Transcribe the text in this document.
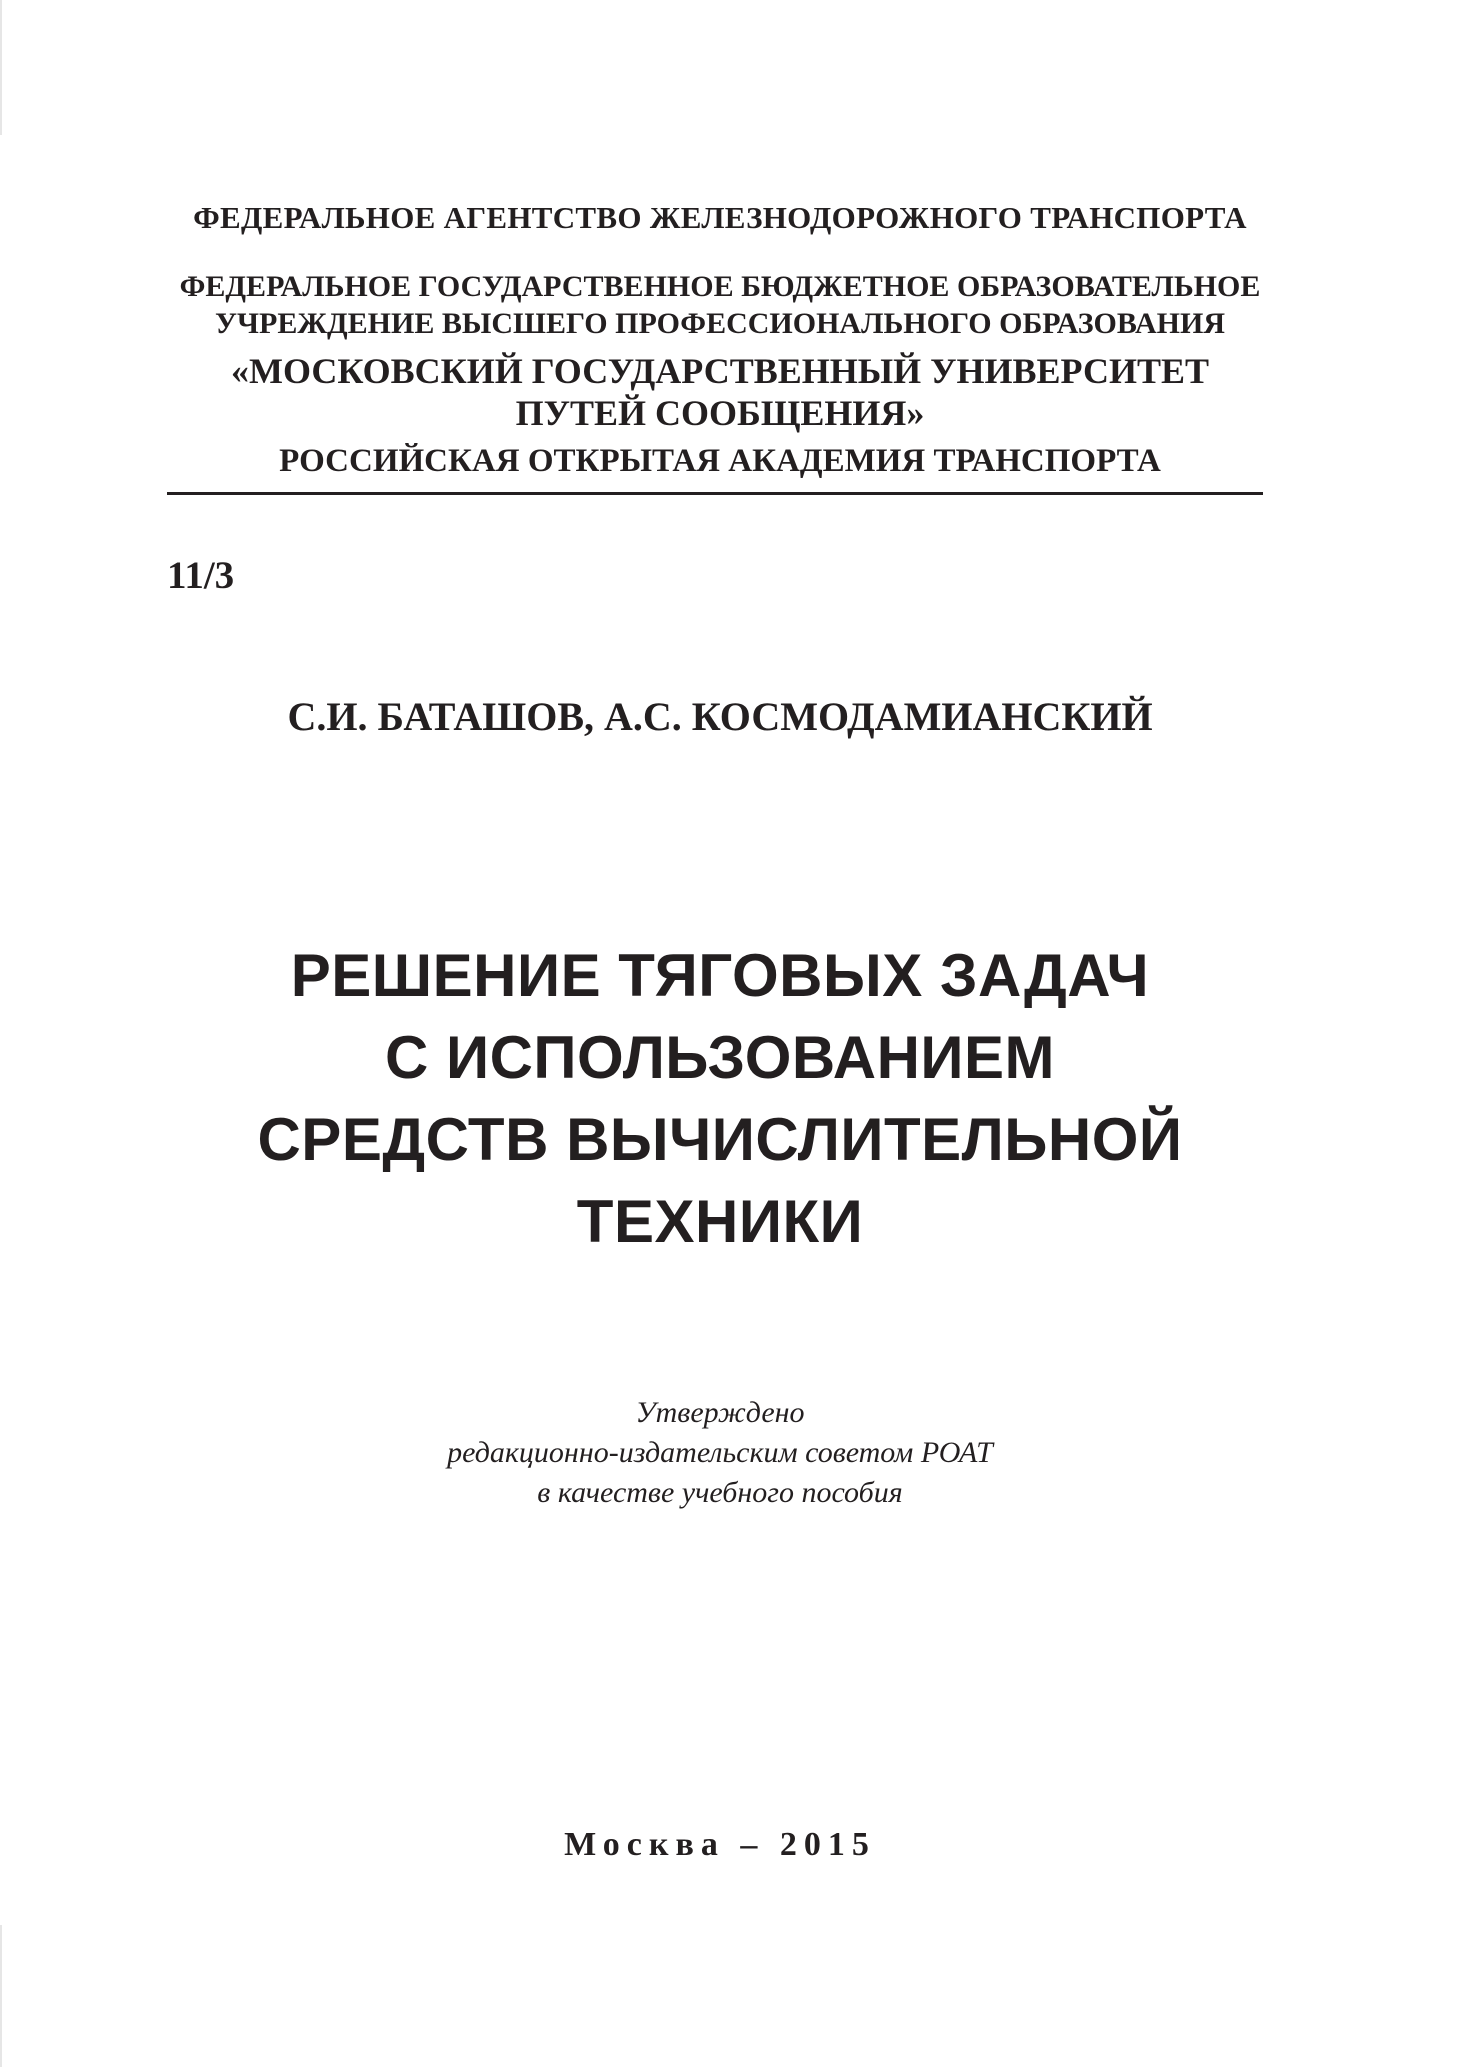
ФЕДЕРАЛЬНОЕ АГЕНТСТВО ЖЕЛЕЗНОДОРОЖНОГО ТРАНСПОРТА
ФЕДЕРАЛЬНОЕ ГОСУДАРСТВЕННОЕ БЮДЖЕТНОЕ ОБРАЗОВАТЕЛЬНОЕ
УЧРЕЖДЕНИЕ ВЫСШЕГО ПРОФЕССИОНАЛЬНОГО ОБРАЗОВАНИЯ
«МОСКОВСКИЙ ГОСУДАРСТВЕННЫЙ УНИВЕРСИТЕТ
ПУТЕЙ СООБЩЕНИЯ»
РОССИЙСКАЯ ОТКРЫТАЯ АКАДЕМИЯ ТРАНСПОРТА
11/3
С.И. БАТАШОВ, А.С. КОСМОДАМИАНСКИЙ
РЕШЕНИЕ ТЯГОВЫХ ЗАДАЧ
С ИСПОЛЬЗОВАНИЕМ
СРЕДСТВ ВЫЧИСЛИТЕЛЬНОЙ
ТЕХНИКИ
Утверждено
редакционно-издательским советом РОАТ
в качестве учебного пособия
Москва – 2015
